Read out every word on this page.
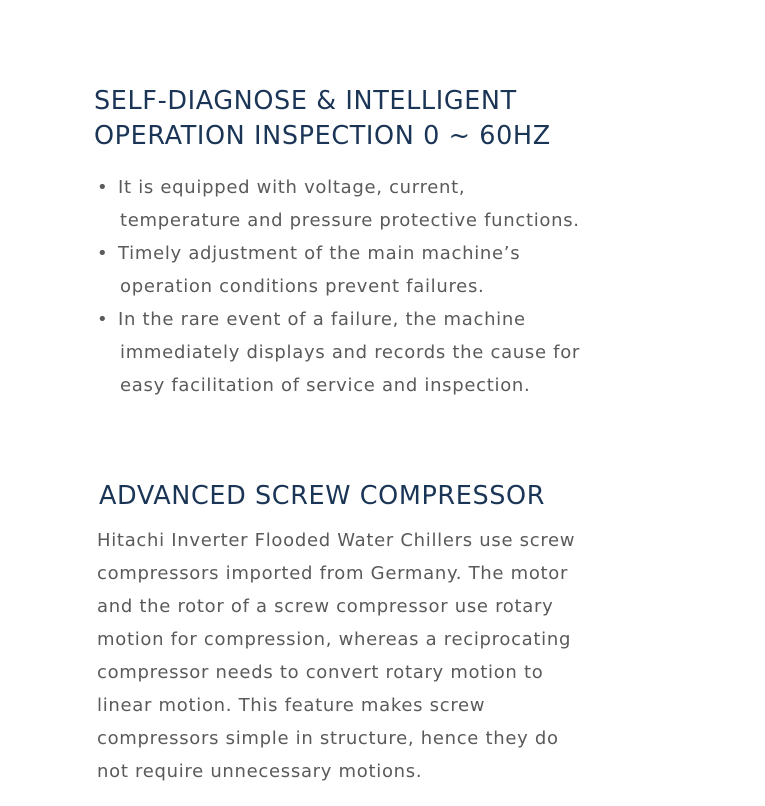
SELF-DIAGNOSE & INTELLIGENT
OPERATION INSPECTION 0 ~ 60HZ
• It is equipped with voltage, current,
temperature and pressure protective functions.
• Timely adjustment of the main machine’s
operation conditions prevent failures.
• In the rare event of a failure, the machine
immediately displays and records the cause for
easy facilitation of service and inspection.
ADVANCED SCREW COMPRESSOR

Hitachi Inverter Flooded Water Chillers use screw
compressors imported from Germany. The motor
and the rotor of a screw compressor use rotary
motion for compression, whereas a reciprocating
compressor needs to convert rotary motion to
linear motion. This feature makes screw
compressors simple in structure, hence they do
not require unnecessary motions.
